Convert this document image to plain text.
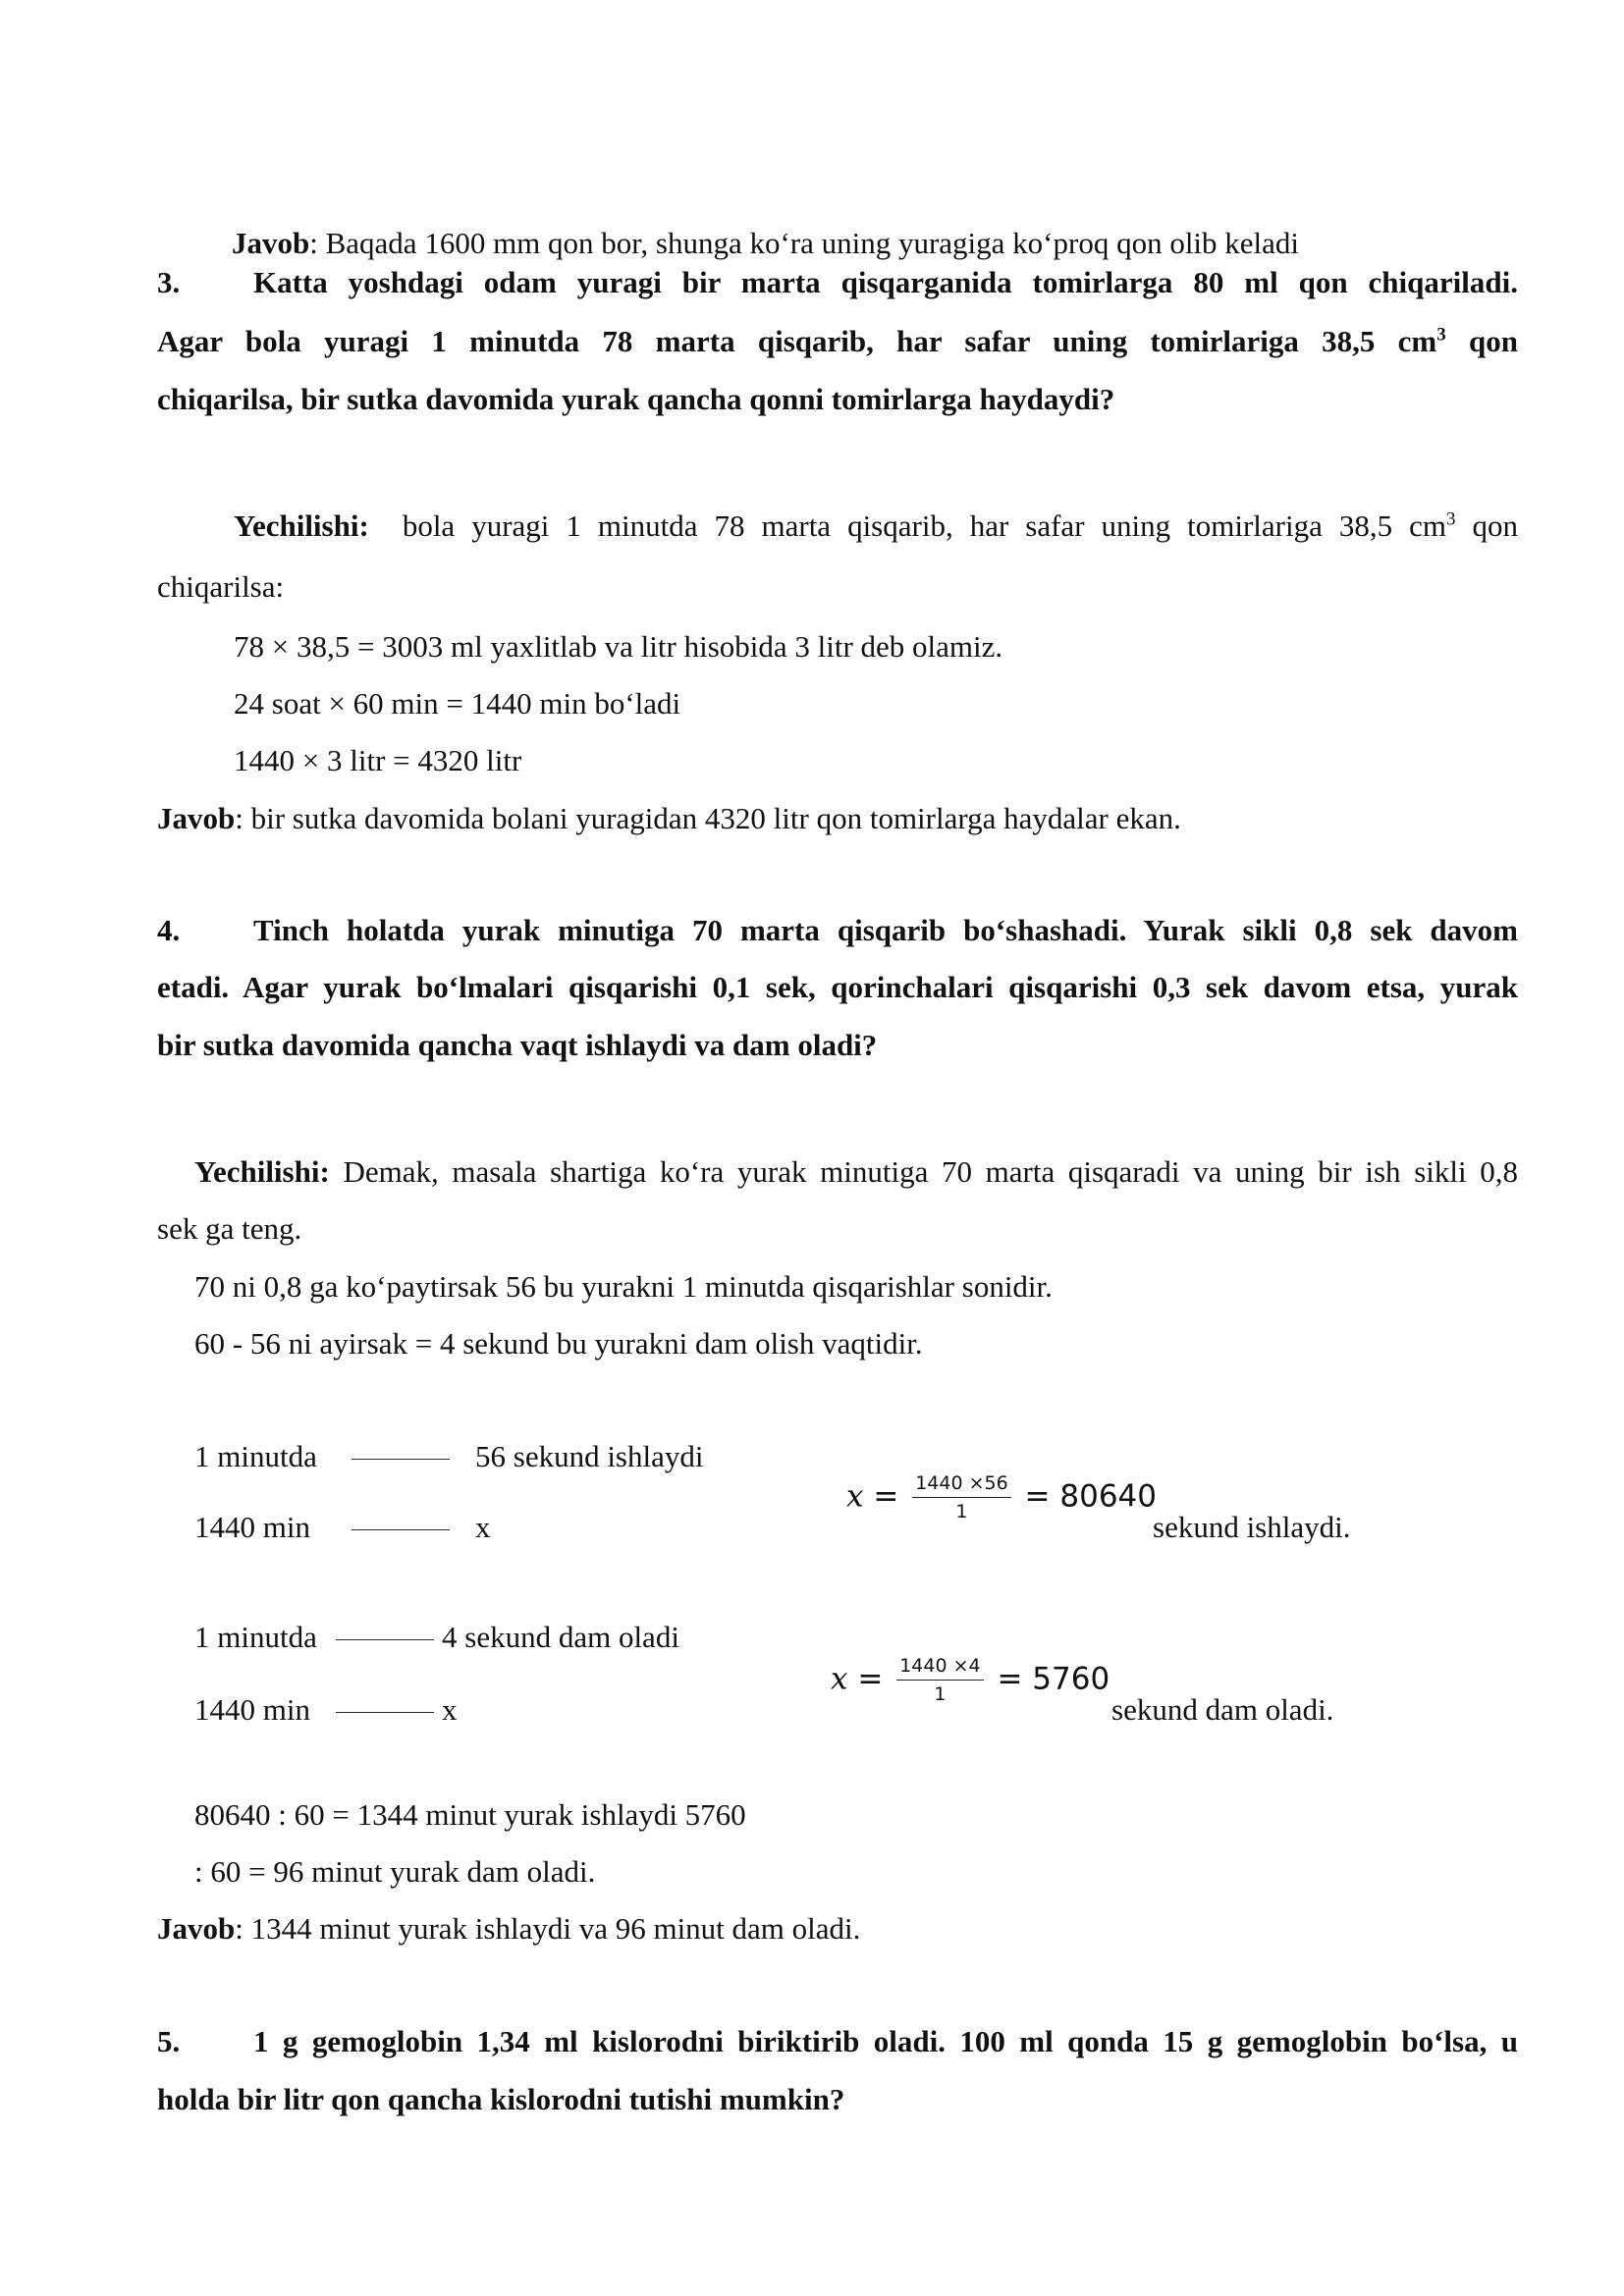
Javob: Baqada 1600 mm qon bor, shunga ko‘ra uning yuragiga ko‘proq qon olib keladi
3. Katta yoshdagi odam yuragi bir marta qisqarganida tomirlarga 80 ml qon chiqariladi.
Agar bola yuragi 1 minutda 78 marta qisqarib, har safar uning tomirlariga 38,5 $cm^3$ qon
chiqarilsa, bir sutka davomida yurak qancha qonni tomirlarga haydaydi?
Yechilishi: bola yuragi 1 minutda 78 marta qisqarib, har safar uning tomirlariga 38,5 $cm^3$ qon
chiqarilsa:
78 × 38,5 = 3003 ml yaxlitlab va litr hisobida 3 litr deb olamiz.
24 soat × 60 min = 1440 min bo‘ladi
1440 × 3 litr = 4320 litr
Javob: bir sutka davomida bolani yuragidan 4320 litr qon tomirlarga haydalar ekan.
4. Tinch holatda yurak minutiga 70 marta qisqarib bo‘shashadi. Yurak sikli 0,8 sek davom
etadi. Agar yurak bo‘lmalari qisqarishi 0,1 sek, qorinchalari qisqarishi 0,3 sek davom etsa, yurak
bir sutka davomida qancha vaqt ishlaydi va dam oladi?
Yechilishi: Demak, masala shartiga ko‘ra yurak minutiga 70 marta qisqaradi va uning bir ish sikli 0,8
sek ga teng.
70 ni 0,8 ga ko‘paytirsak 56 bu yurakni 1 minutda qisqarishlar sonidir.
60 - 56 ni ayirsak = 4 sekund bu yurakni dam olish vaqtidir.
1 minutda	56 sekund ishlaydi
1440 min	x
$x = \frac{1440 \times 56}{1} = 80640$
sekund ishlaydi.
1 minutda	4 sekund dam oladi
1440 min	x
$x = \frac{1440 \times 4}{1} = 5760$
sekund dam oladi.
80640 : 60 = 1344 minut yurak ishlaydi 5760
: 60 = 96 minut yurak dam oladi.
Javob: 1344 minut yurak ishlaydi va 96 minut dam oladi.
5. 1 g gemoglobin 1,34 ml kislorodni biriktirib oladi. 100 ml qonda 15 g gemoglobin bo‘lsa, u
holda bir litr qon qancha kislorodni tutishi mumkin?
